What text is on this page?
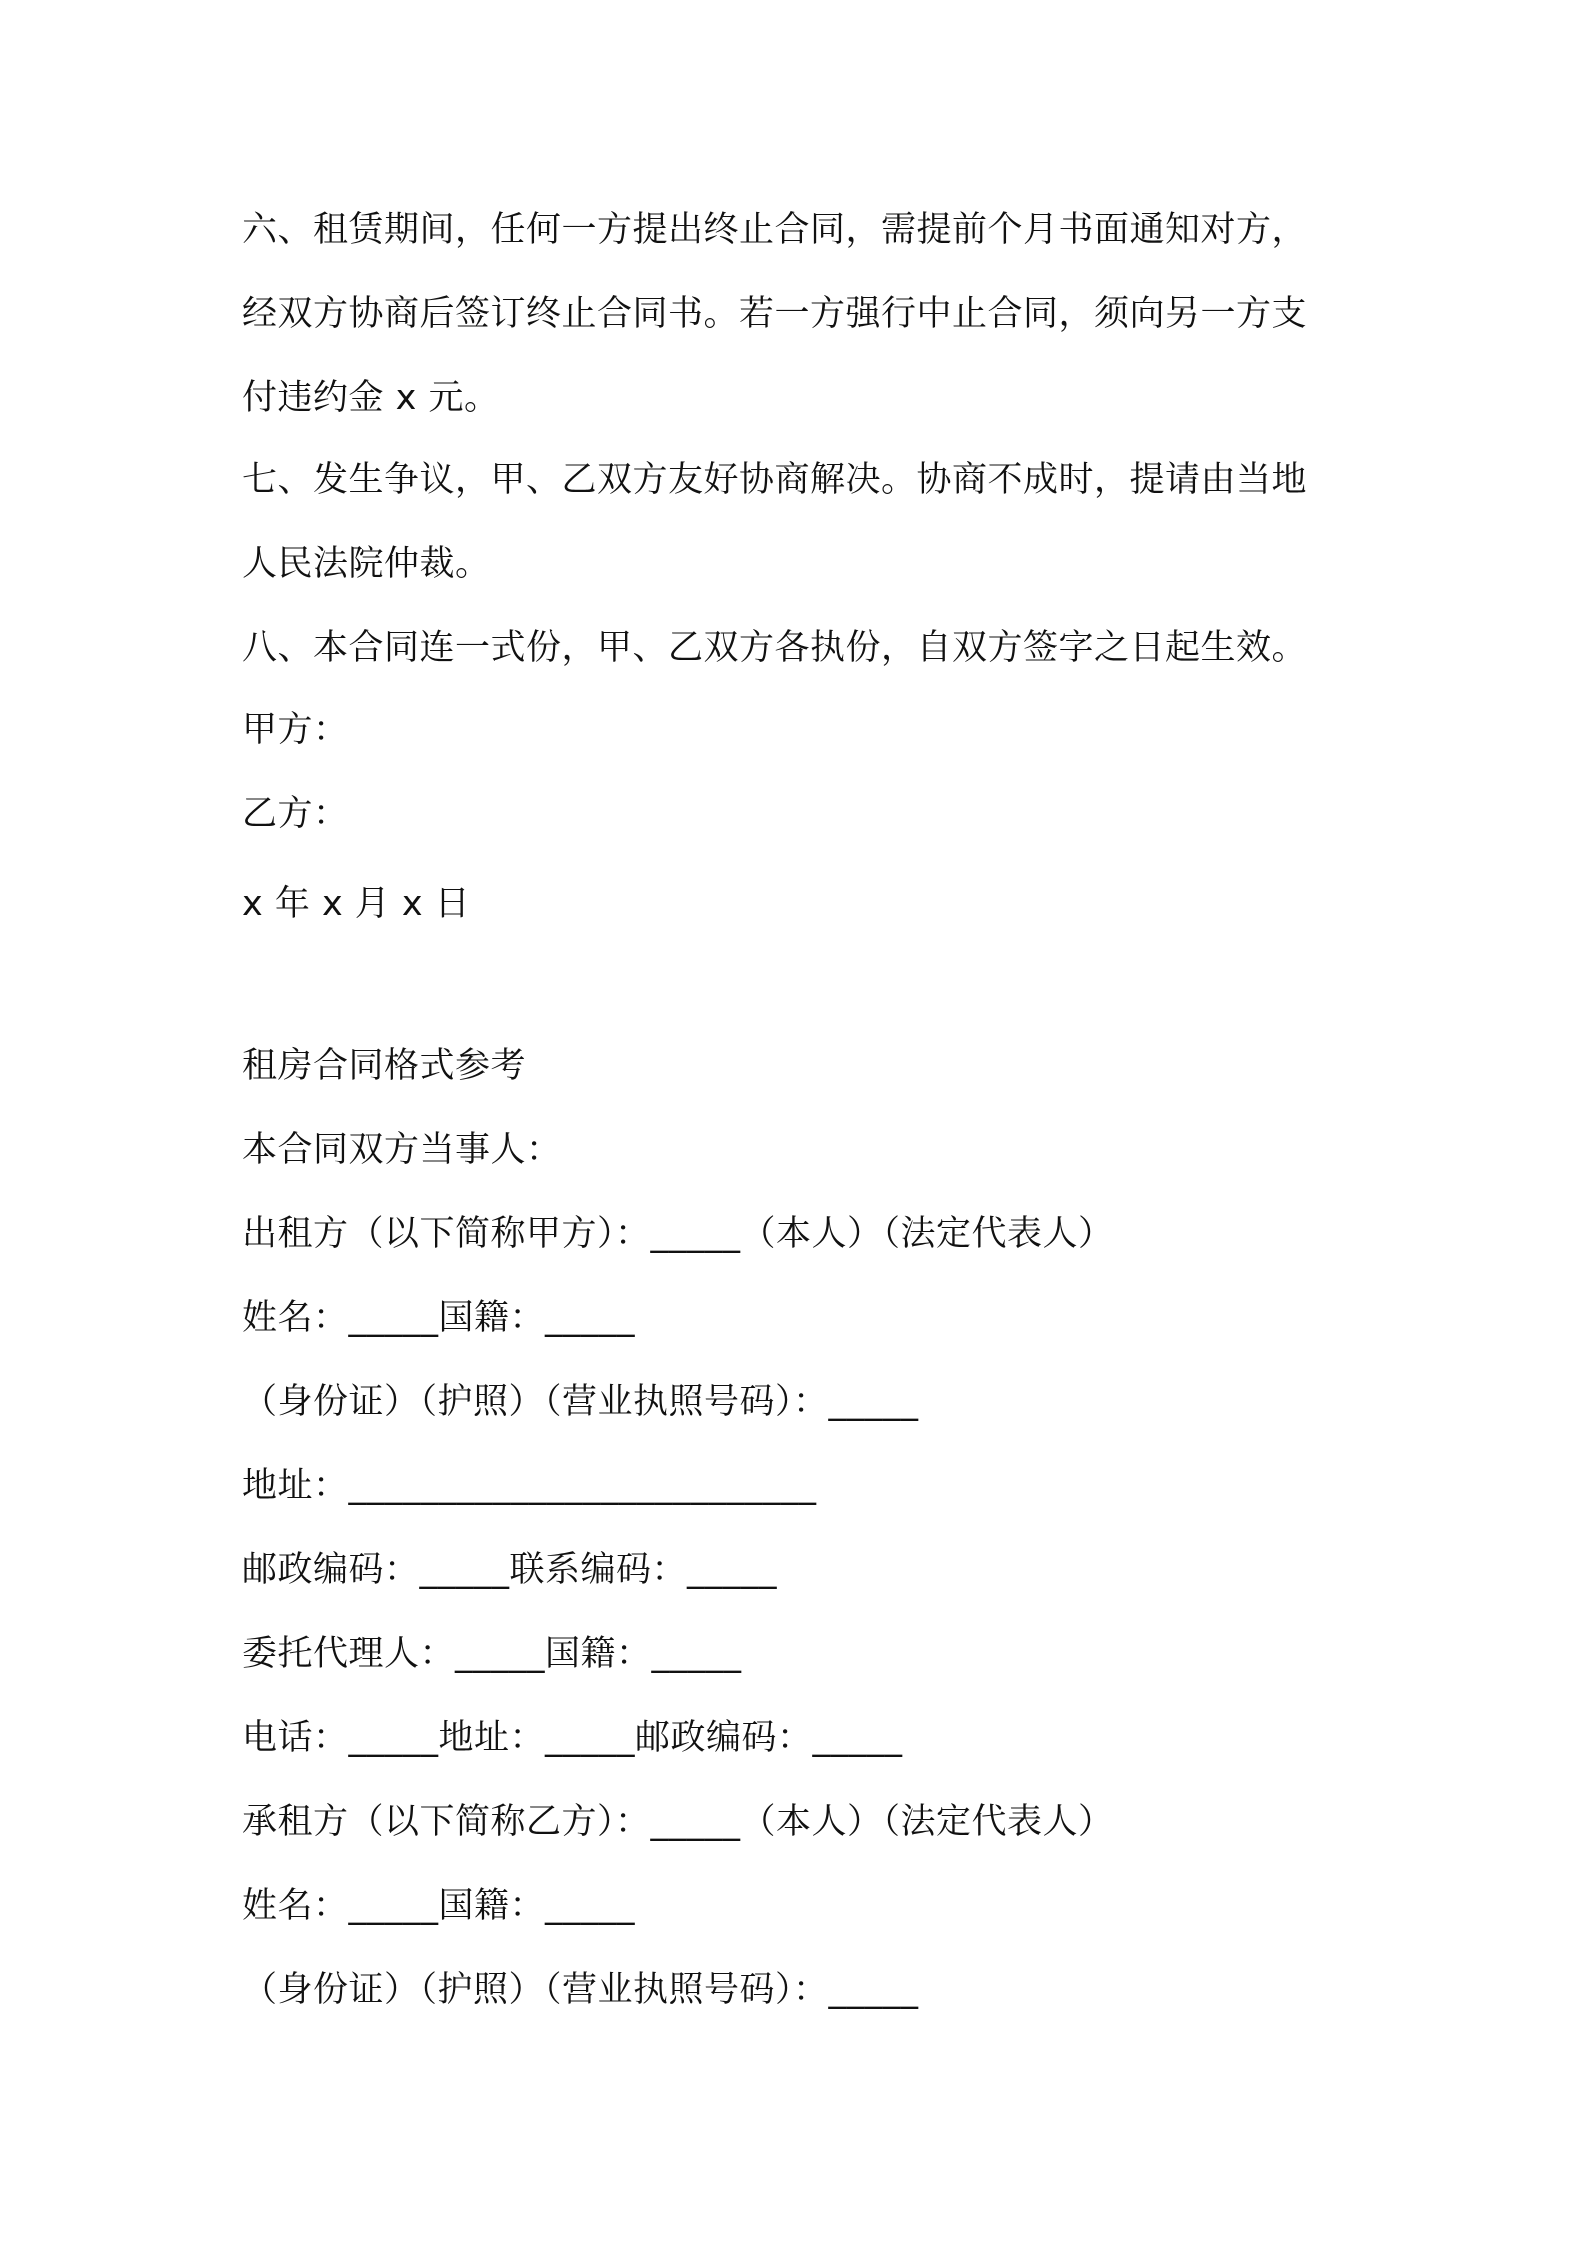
六、租赁期间，任何一方提出终止合同，需提前个月书面通知对方，
经双方协商后签订终止合同书。若一方强行中止合同，须向另一方支
付违约金 x 元。
七、发生争议，甲、乙双方友好协商解决。协商不成时，提请由当地
人民法院仲裁。
八、本合同连一式份，甲、乙双方各执份，自双方签字之日起生效。
甲方：
乙方：
x 年 x 月 x 日
租房合同格式参考
本合同双方当事人：
出租方（以下简称甲方）：_____（本人）（法定代表人）
姓名：_____国籍：_____
（身份证）（护照）（营业执照号码）：_____
地址：__________________________
邮政编码：_____联系编码：_____
委托代理人：_____国籍：_____
电话：_____地址：_____邮政编码：_____
承租方（以下简称乙方）：_____（本人）（法定代表人）
姓名：_____国籍：_____
（身份证）（护照）（营业执照号码）：_____
